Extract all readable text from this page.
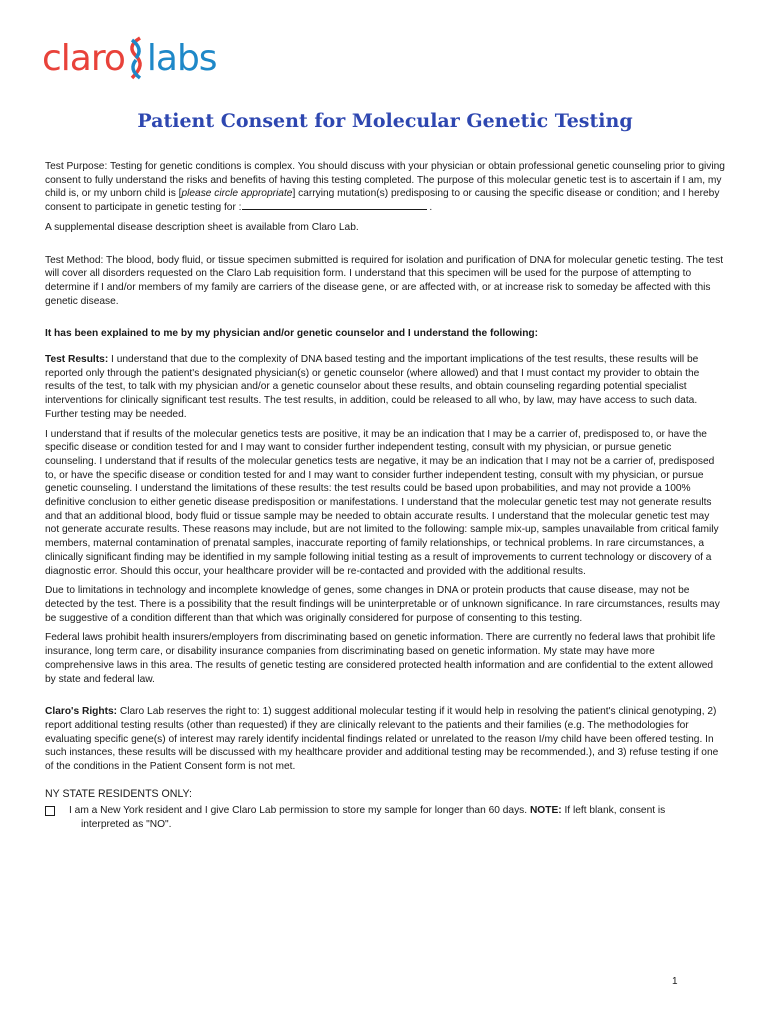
claro labs
Patient Consent for Molecular Genetic Testing

Test Purpose: Testing for genetic conditions is complex. You should discuss with your physician or obtain professional genetic counseling prior to giving consent to fully understand the risks and benefits of having this testing completed. The purpose of this molecular genetic test is to ascertain if I am, my child is, or my unborn child is [please circle appropriate] carrying mutation(s) predisposing to or causing the specific disease or condition; and I hereby consent to participate in genetic testing for :	.

A supplemental disease description sheet is available from Claro Lab.

Test Method: The blood, body fluid, or tissue specimen submitted is required for isolation and purification of DNA for molecular genetic testing. The test will cover all disorders requested on the Claro Lab requisition form. I understand that this specimen will be used for the purpose of attempting to determine if I and/or members of my family are carriers of the disease gene, or are affected with, or at increase risk to someday be affected with this genetic disease.

It has been explained to me by my physician and/or genetic counselor and I understand the following:

Test Results: I understand that due to the complexity of DNA based testing and the important implications of the test results, these results will be reported only through the patient's designated physician(s) or genetic counselor (where allowed) and that I must contact my provider to obtain the results of the test, to talk with my physician and/or a genetic counselor about these results, and obtain counseling regarding potential specialist interventions for clinically significant test results. The test results, in addition, could be released to all who, by law, may have access to such data. Further testing may be needed.

I understand that if results of the molecular genetics tests are positive, it may be an indication that I may be a carrier of, predisposed to, or have the specific disease or condition tested for and I may want to consider further independent testing, consult with my physician, or pursue genetic counseling. I understand that if results of the molecular genetics tests are negative, it may be an indication that I may not be a carrier of, predisposed to, or have the specific disease or condition tested for and I may want to consider further independent testing, consult with my physician, or pursue genetic counseling. I understand the limitations of these results: the test results could be based upon probabilities, and may not provide a 100% definitive conclusion to either genetic disease predisposition or manifestations. I understand that the molecular genetic test may not generate results and that an additional blood, body fluid or tissue sample may be needed to obtain accurate results. I understand that the molecular genetic test may not generate accurate results. These reasons may include, but are not limited to the following: sample mix-up, samples unavailable from critical family members, maternal contamination of prenatal samples, inaccurate reporting of family relationships, or technical problems. In rare circumstances, a clinically significant finding may be identified in my sample following initial testing as a result of improvements to current technology or discovery of a diagnostic error. Should this occur, your healthcare provider will be re-contacted and provided with the additional results.

Due to limitations in technology and incomplete knowledge of genes, some changes in DNA or protein products that cause disease, may not be detected by the test. There is a possibility that the result findings will be uninterpretable or of unknown significance. In rare circumstances, results may be suggestive of a condition different than that which was originally considered for purpose of consenting to this testing.

Federal laws prohibit health insurers/employers from discriminating based on genetic information. There are currently no federal laws that prohibit life insurance, long term care, or disability insurance companies from discriminating based on genetic information. My state may have more comprehensive laws in this area. The results of genetic testing are considered protected health information and are confidential to the extent allowed by state and federal law.

Claro's Rights: Claro Lab reserves the right to: 1) suggest additional molecular testing if it would help in resolving the patient's clinical genotyping, 2) report additional testing results (other than requested) if they are clinically relevant to the patients and their families (e.g. The methodologies for evaluating specific gene(s) of interest may rarely identify incidental findings related or unrelated to the reason I/my child have been offered testing. In such instances, these results will be discussed with my healthcare provider and additional testing may be recommended.), and 3) refuse testing if one of the conditions in the Patient Consent form is not met.

NY STATE RESIDENTS ONLY:
I am a New York resident and I give Claro Lab permission to store my sample for longer than 60 days. NOTE: If left blank, consent is
interpreted as "NO".
1
